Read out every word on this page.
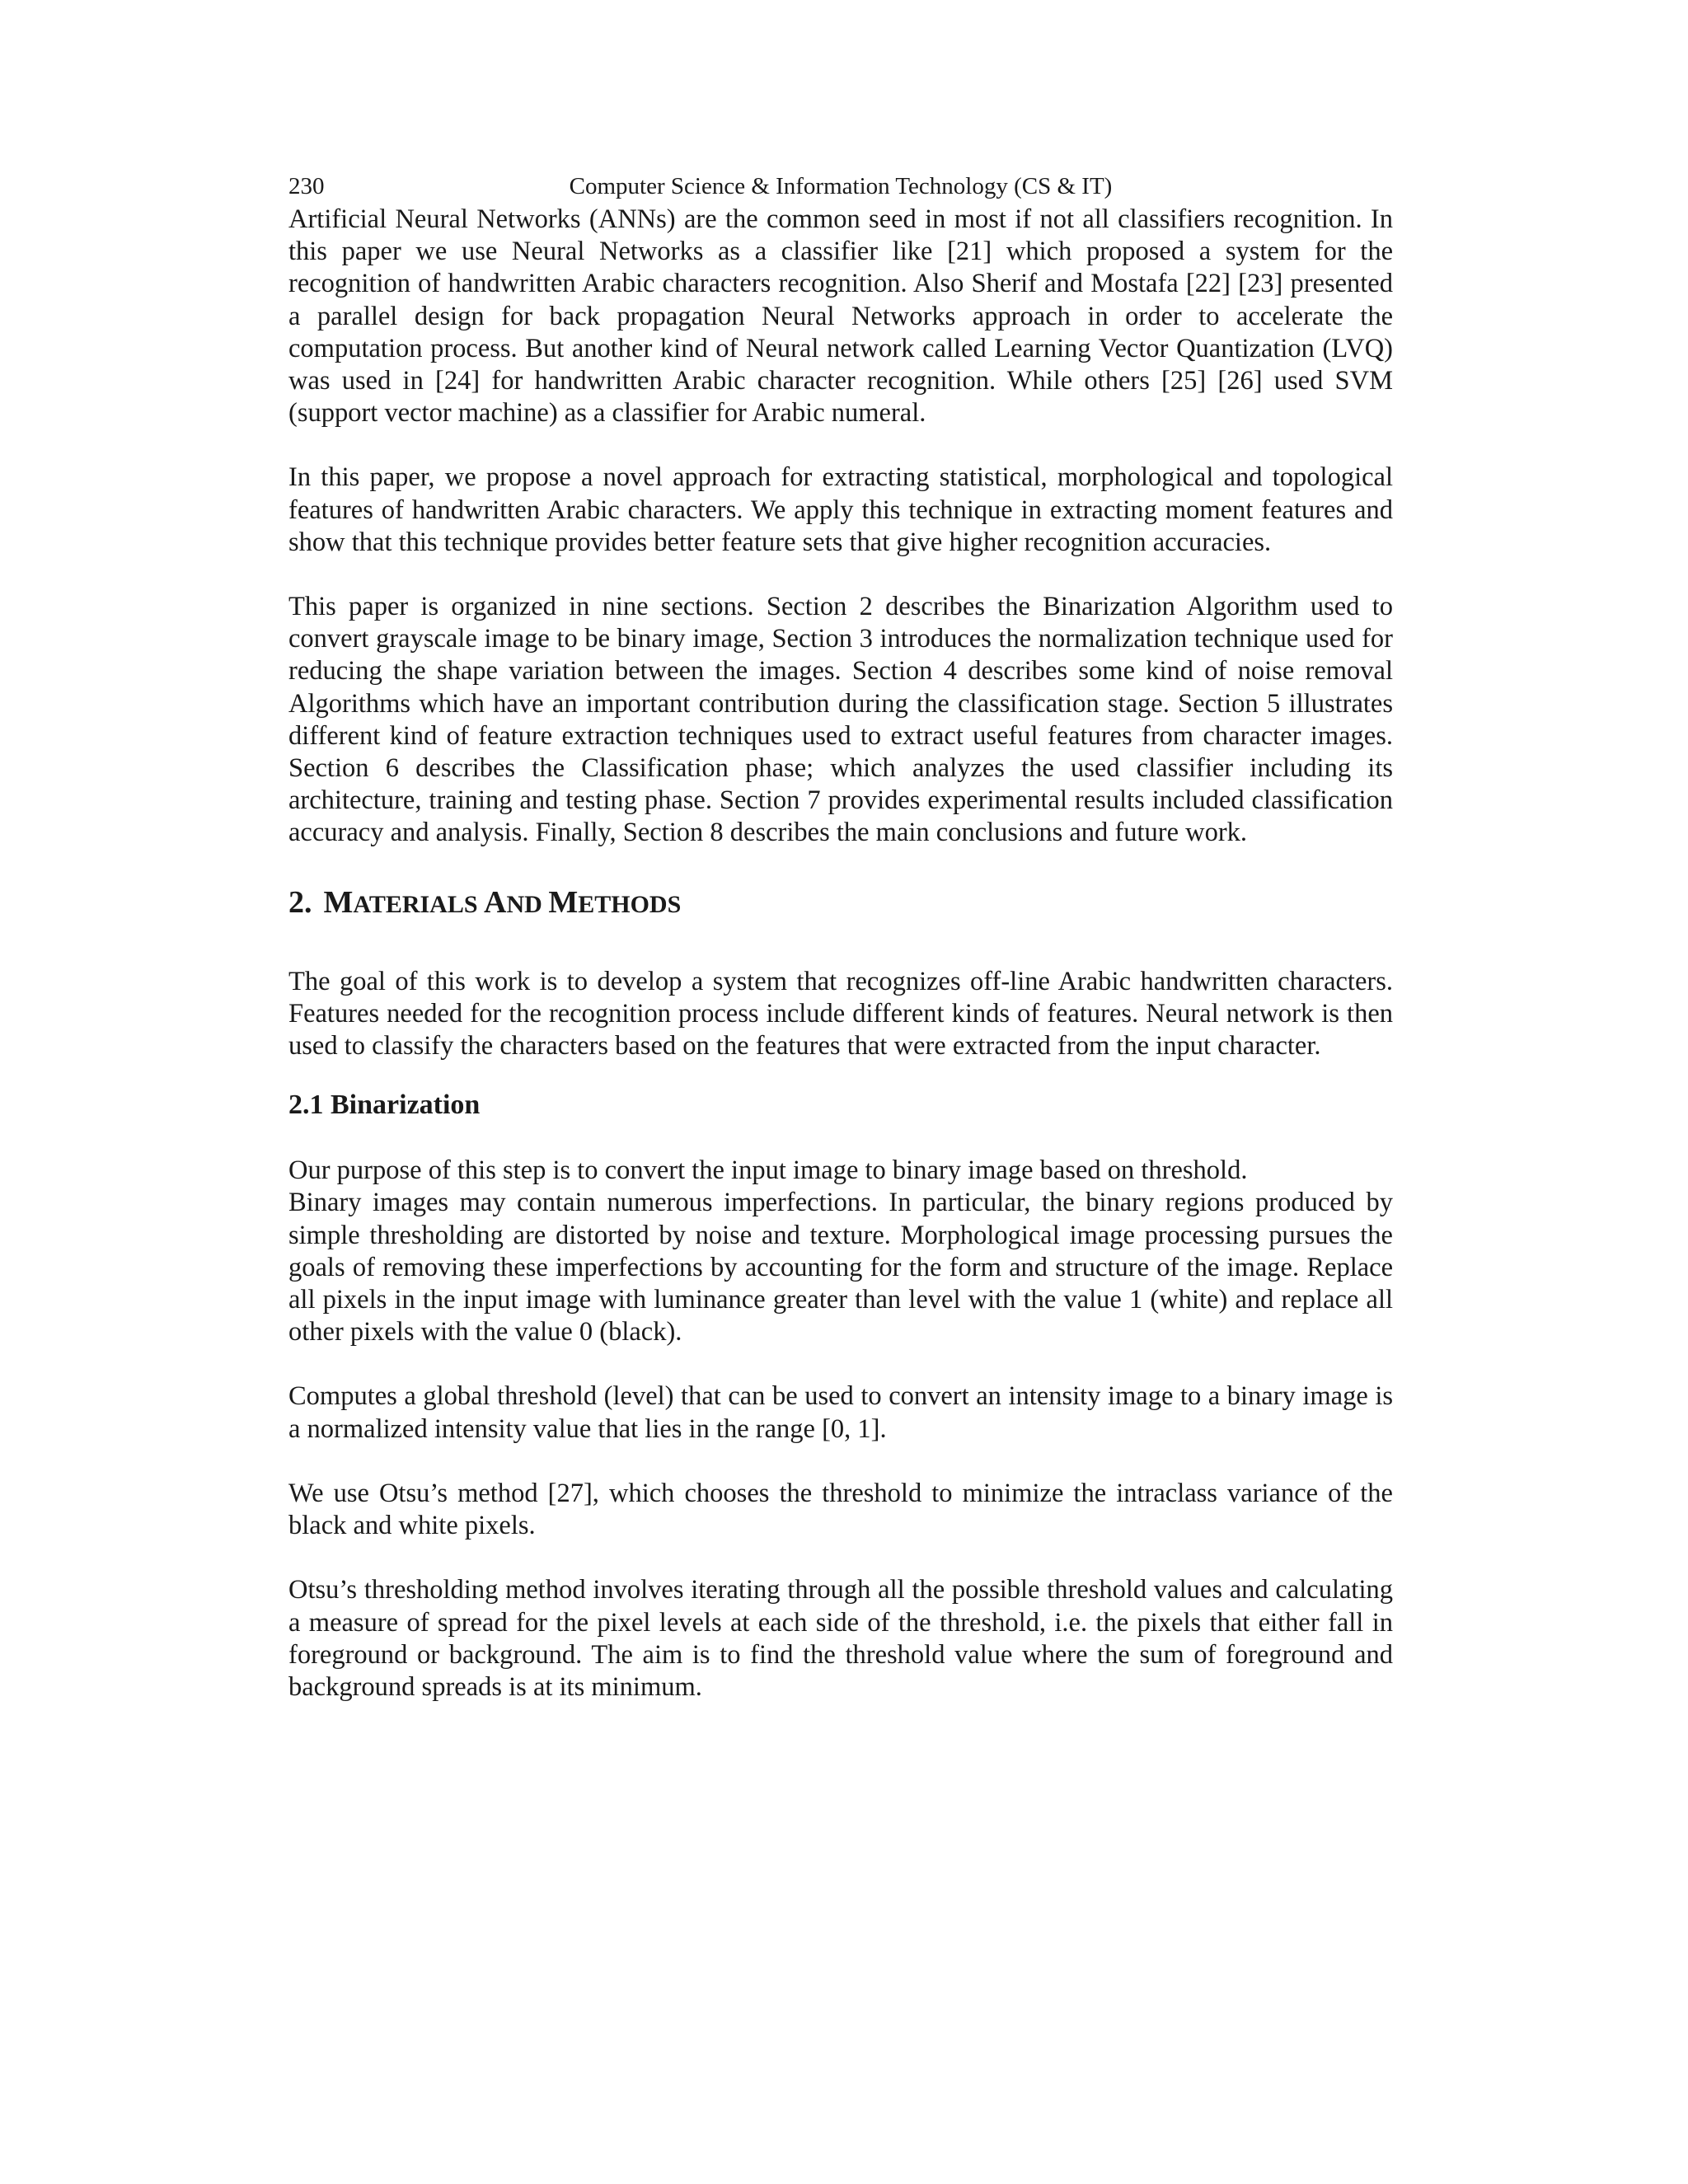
230	Computer Science & Information Technology (CS & IT)

Artificial Neural Networks (ANNs) are the common seed in most if not all classifiers recognition. In this paper we use Neural Networks as a classifier like [21] which proposed a system for the recognition of handwritten Arabic characters recognition. Also Sherif and Mostafa [22] [23] presented a parallel design for back propagation Neural Networks approach in order to accelerate the computation process. But another kind of Neural network called Learning Vector Quantization (LVQ) was used in [24] for handwritten Arabic character recognition. While others [25] [26] used SVM (support vector machine) as a classifier for Arabic numeral.

In this paper, we propose a novel approach for extracting statistical, morphological and topological features of handwritten Arabic characters. We apply this technique in extracting moment features and show that this technique provides better feature sets that give higher recognition accuracies.

This paper is organized in nine sections. Section 2 describes the Binarization Algorithm used to convert grayscale image to be binary image, Section 3 introduces the normalization technique used for reducing the shape variation between the images. Section 4 describes some kind of noise removal Algorithms which have an important contribution during the classification stage. Section 5 illustrates different kind of feature extraction techniques used to extract useful features from character images. Section 6 describes the Classification phase; which analyzes the used classifier including its architecture, training and testing phase. Section 7 provides experimental results included classification accuracy and analysis. Finally, Section 8 describes the main conclusions and future work.

2. MATERIALS AND METHODS

The goal of this work is to develop a system that recognizes off-line Arabic handwritten characters. Features needed for the recognition process include different kinds of features. Neural network is then used to classify the characters based on the features that were extracted from the input character.

2.1 Binarization

Our purpose of this step is to convert the input image to binary image based on threshold.

Binary images may contain numerous imperfections. In particular, the binary regions produced by simple thresholding are distorted by noise and texture. Morphological image processing pursues the goals of removing these imperfections by accounting for the form and structure of the image. Replace all pixels in the input image with luminance greater than level with the value 1 (white) and replace all other pixels with the value 0 (black).

Computes a global threshold (level) that can be used to convert an intensity image to a binary image is a normalized intensity value that lies in the range [0, 1].

We use Otsu’s method [27], which chooses the threshold to minimize the intraclass variance of the black and white pixels.

Otsu’s thresholding method involves iterating through all the possible threshold values and calculating a measure of spread for the pixel levels at each side of the threshold, i.e. the pixels that either fall in foreground or background. The aim is to find the threshold value where the sum of foreground and background spreads is at its minimum.
